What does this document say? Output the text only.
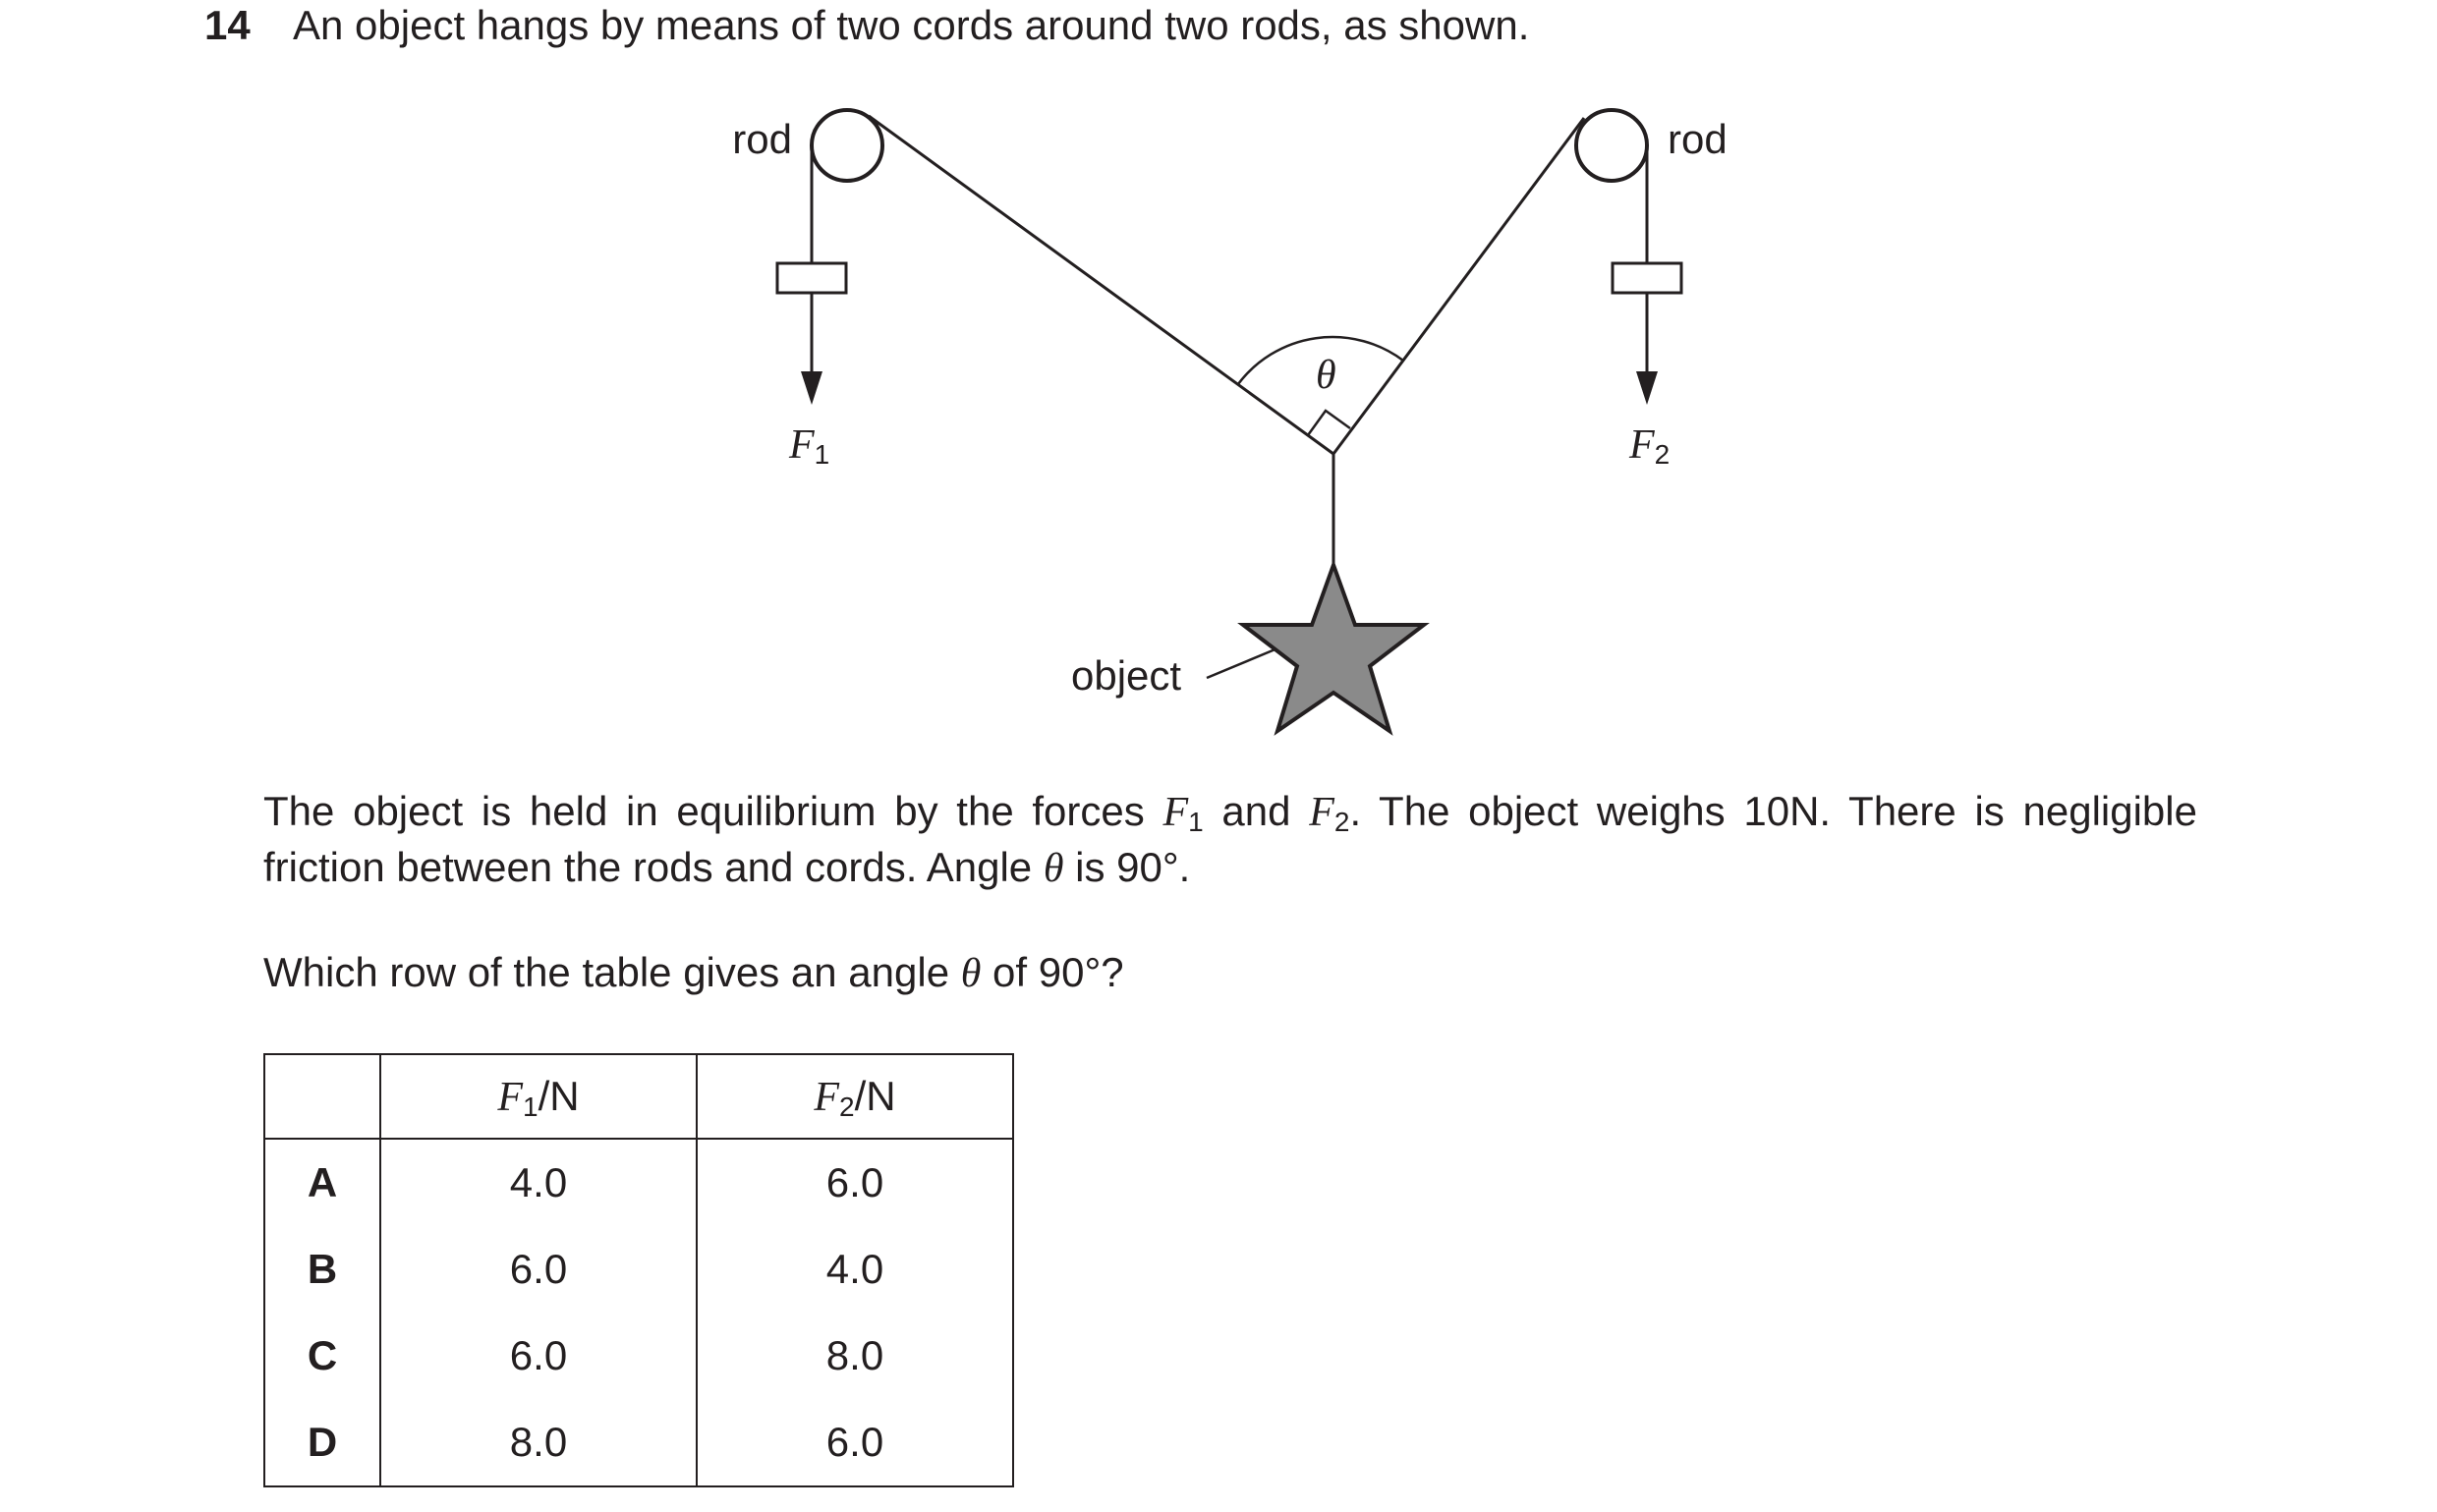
14 An object hangs by means of two cords around two rods, as shown.
rod	rod
θ
object
F1	F2
The object is held in equilibrium by the forces $F_1$ and $F_2$. The object weighs 10N. There is negligible friction between the rods and cords. Angle θ is 90°.
Which row of the table gives an angle θ of 90°?
	$F_1/N$	$F_2/N$
A	4.0	6.0
B	6.0	4.0
C	6.0	8.0
D	8.0	6.0
